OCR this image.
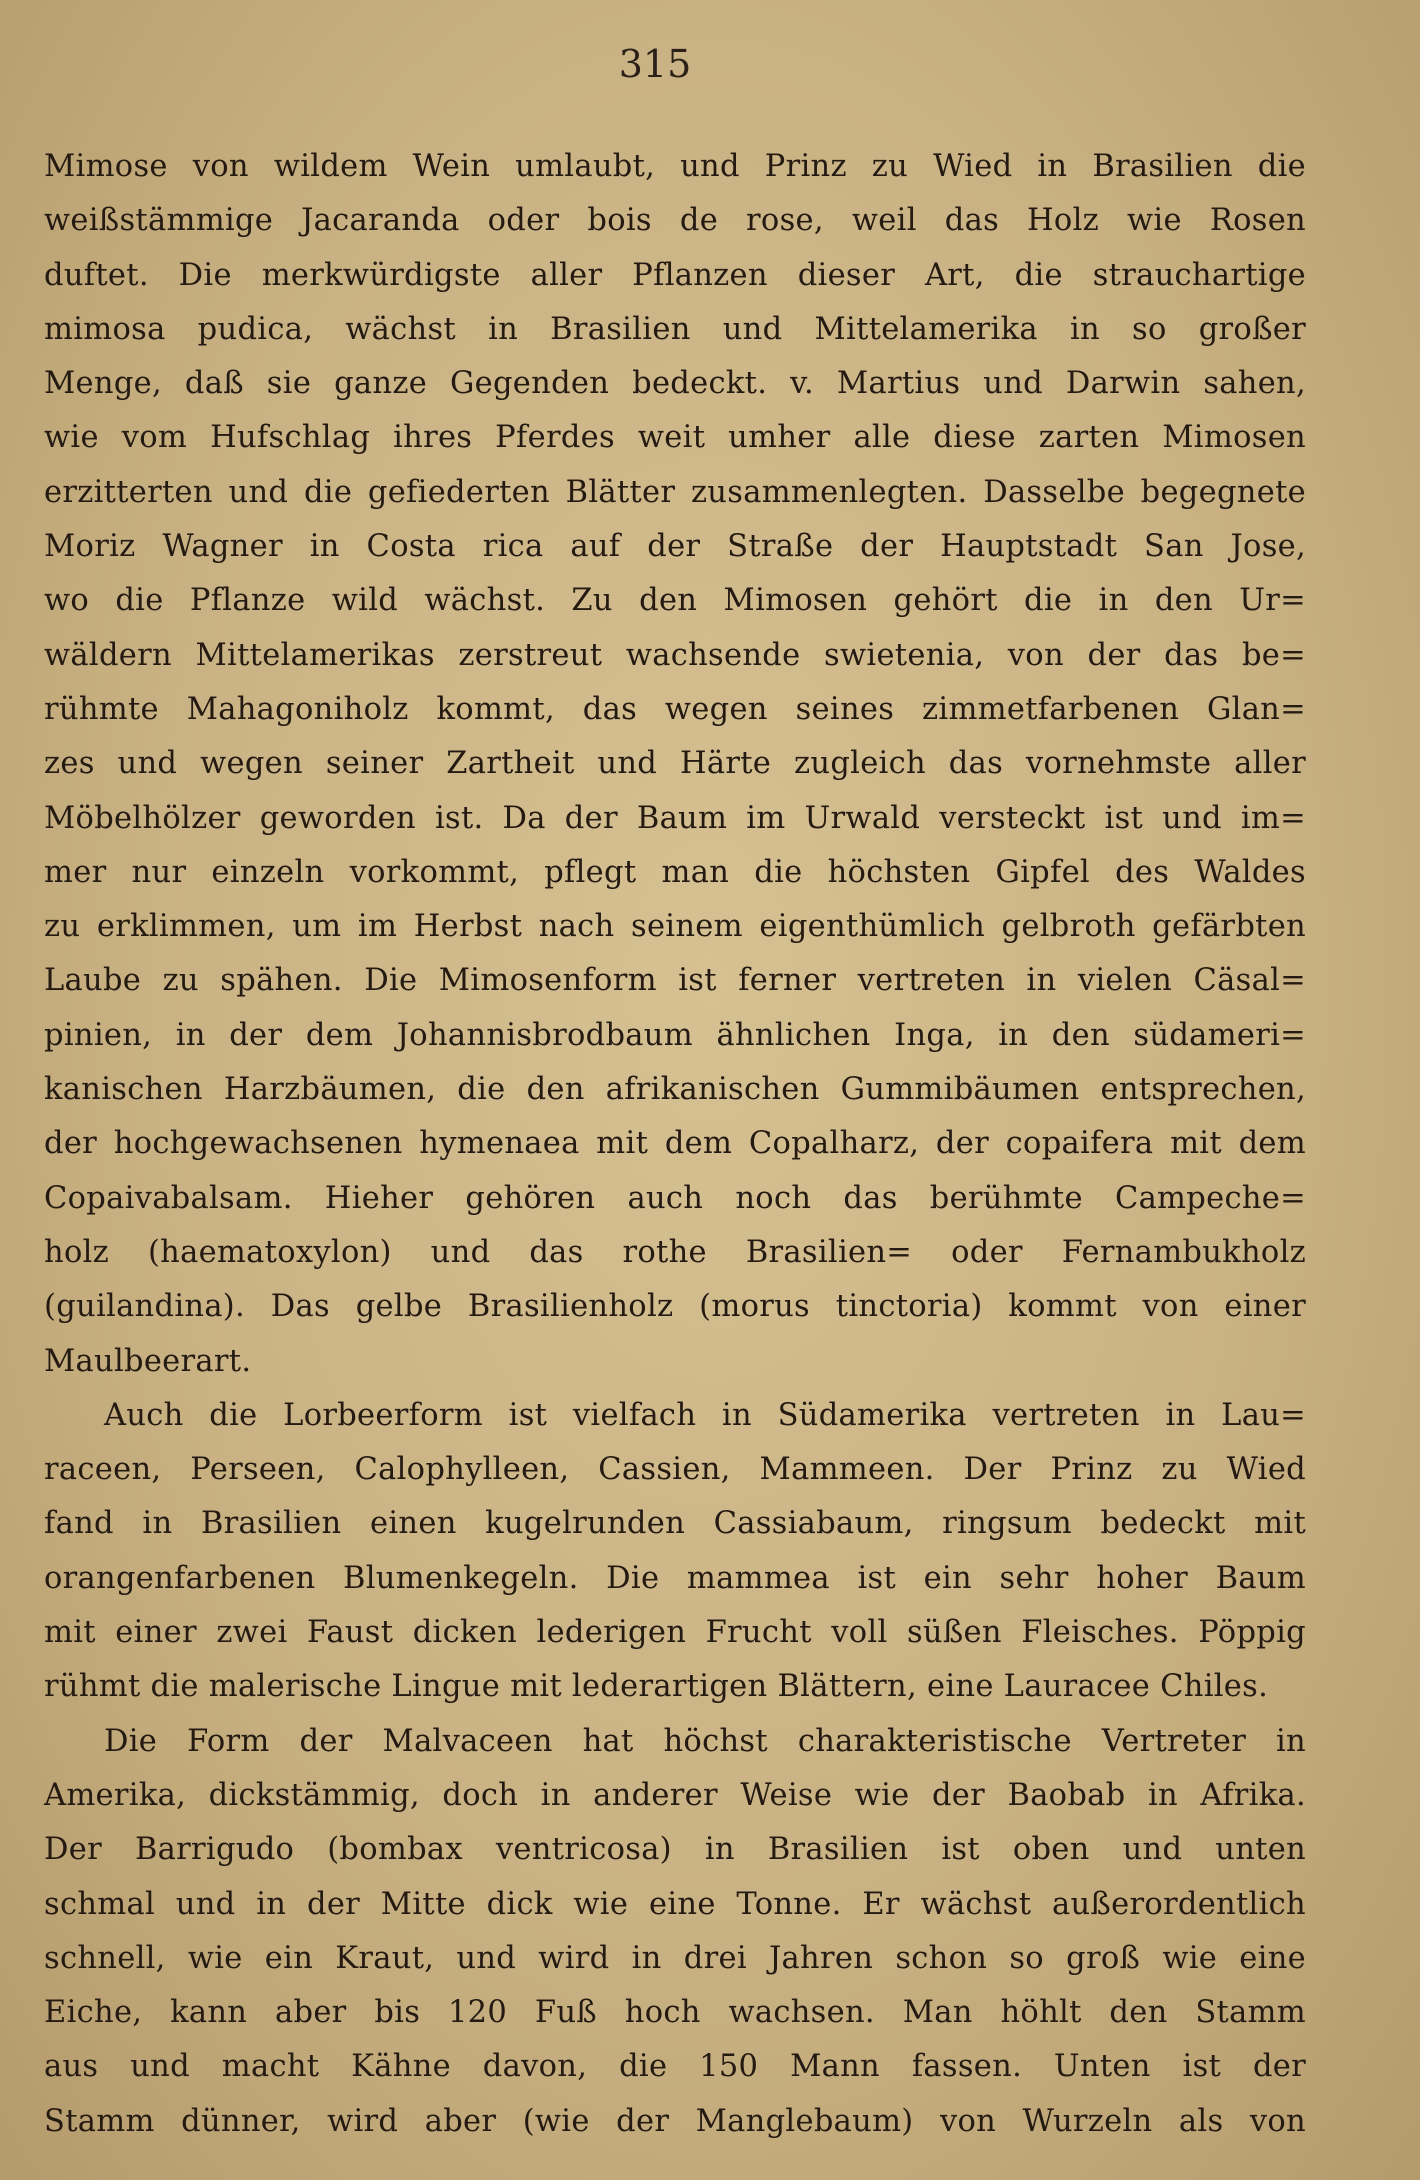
315
Mimose von wildem Wein umlaubt, und Prinz zu Wied in Brasilien die
weißstämmige Jacaranda oder bois de rose, weil das Holz wie Rosen
duftet. Die merkwürdigste aller Pflanzen dieser Art, die strauchartige
mimosa pudica, wächst in Brasilien und Mittelamerika in so großer
Menge, daß sie ganze Gegenden bedeckt. v. Martius und Darwin sahen,
wie vom Hufschlag ihres Pferdes weit umher alle diese zarten Mimosen
erzitterten und die gefiederten Blätter zusammenlegten. Dasselbe begegnete
Moriz Wagner in Costa rica auf der Straße der Hauptstadt San Jose,
wo die Pflanze wild wächst. Zu den Mimosen gehört die in den Ur=
wäldern Mittelamerikas zerstreut wachsende swietenia, von der das be=
rühmte Mahagoniholz kommt, das wegen seines zimmetfarbenen Glan=
zes und wegen seiner Zartheit und Härte zugleich das vornehmste aller
Möbelhölzer geworden ist. Da der Baum im Urwald versteckt ist und im=
mer nur einzeln vorkommt, pflegt man die höchsten Gipfel des Waldes
zu erklimmen, um im Herbst nach seinem eigenthümlich gelbroth gefärbten
Laube zu spähen. Die Mimosenform ist ferner vertreten in vielen Cäsal=
pinien, in der dem Johannisbrodbaum ähnlichen Inga, in den südameri=
kanischen Harzbäumen, die den afrikanischen Gummibäumen entsprechen,
der hochgewachsenen hymenaea mit dem Copalharz, der copaifera mit dem
Copaivabalsam. Hieher gehören auch noch das berühmte Campeche=
holz (haematoxylon) und das rothe Brasilien= oder Fernambukholz
(guilandina). Das gelbe Brasilienholz (morus tinctoria) kommt von einer
Maulbeerart.
Auch die Lorbeerform ist vielfach in Südamerika vertreten in Lau=
raceen, Perseen, Calophylleen, Cassien, Mammeen. Der Prinz zu Wied
fand in Brasilien einen kugelrunden Cassiabaum, ringsum bedeckt mit
orangenfarbenen Blumenkegeln. Die mammea ist ein sehr hoher Baum
mit einer zwei Faust dicken lederigen Frucht voll süßen Fleisches. Pöppig
rühmt die malerische Lingue mit lederartigen Blättern, eine Lauracee Chiles.
Die Form der Malvaceen hat höchst charakteristische Vertreter in
Amerika, dickstämmig, doch in anderer Weise wie der Baobab in Afrika.
Der Barrigudo (bombax ventricosa) in Brasilien ist oben und unten
schmal und in der Mitte dick wie eine Tonne. Er wächst außerordentlich
schnell, wie ein Kraut, und wird in drei Jahren schon so groß wie eine
Eiche, kann aber bis 120 Fuß hoch wachsen. Man höhlt den Stamm
aus und macht Kähne davon, die 150 Mann fassen. Unten ist der
Stamm dünner, wird aber (wie der Manglebaum) von Wurzeln als von
